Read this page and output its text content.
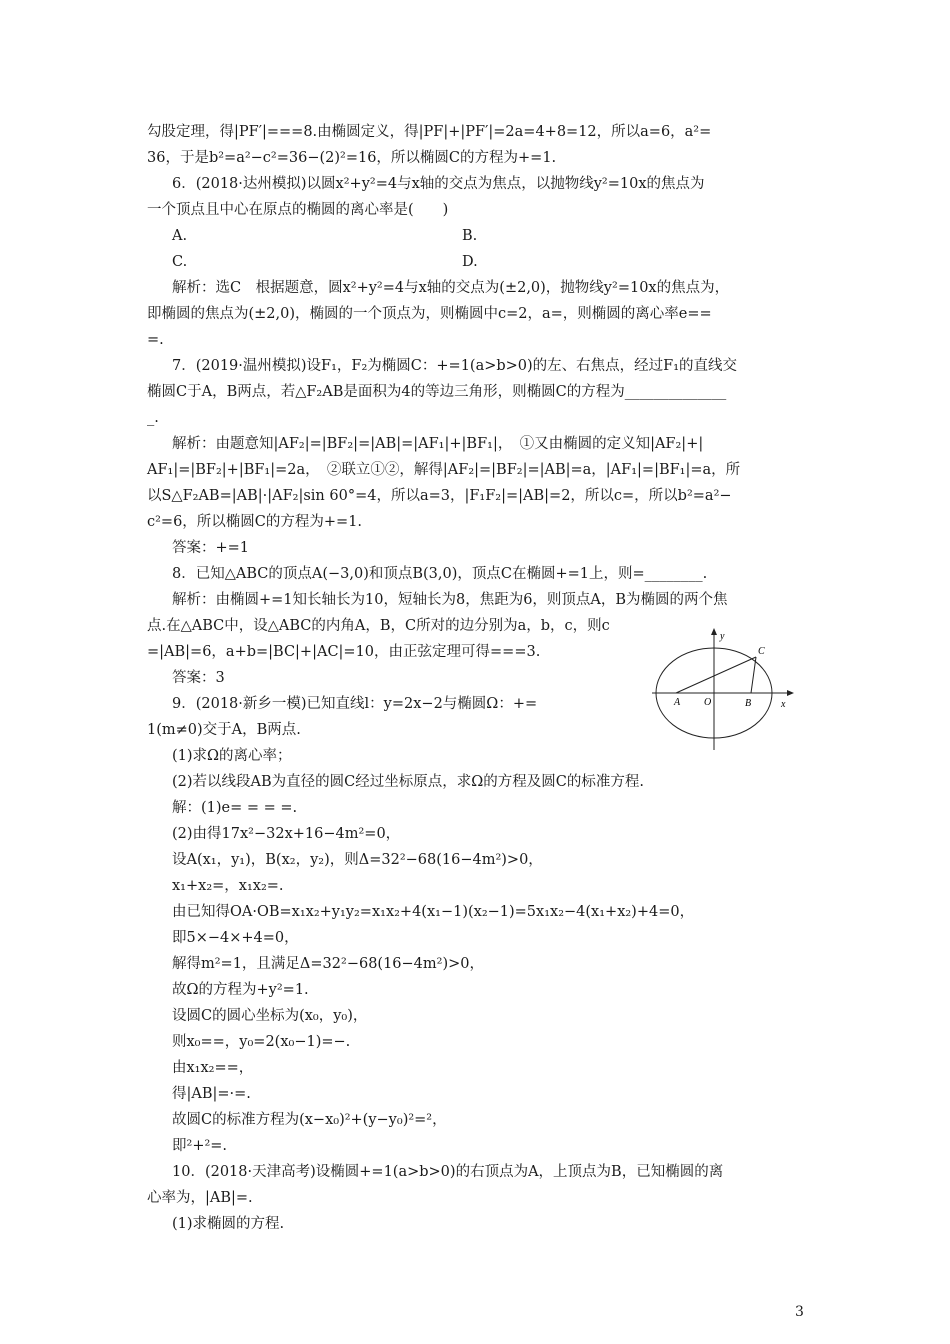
勾股定理，得|PF′|===8.由椭圆定义，得|PF|+|PF′|=2a=4+8=12，所以a=6，a²=
36，于是b²=a²−c²=36−(2)²=16，所以椭圆C的方程为+=1.
6．(2018·达州模拟)以圆x²+y²=4与x轴的交点为焦点，以抛物线y²=10x的焦点为
一个顶点且中心在原点的椭圆的离心率是(　　)
A.	B.
C.	D.
解析：选C　根据题意，圆x²+y²=4与x轴的交点为(±2,0)，抛物线y²=10x的焦点为，
即椭圆的焦点为(±2,0)，椭圆的一个顶点为，则椭圆中c=2，a=，则椭圆的离心率e==
=.
7．(2019·温州模拟)设F₁，F₂为椭圆C：+=1(a>b>0)的左、右焦点，经过F₁的直线交
椭圆C于A，B两点，若△F₂AB是面积为4的等边三角形，则椭圆C的方程为______________
_.
解析：由题意知|AF₂|=|BF₂|=|AB|=|AF₁|+|BF₁|，　①又由椭圆的定义知|AF₂|+|
AF₁|=|BF₂|+|BF₁|=2a，　②联立①②，解得|AF₂|=|BF₂|=|AB|=a，|AF₁|=|BF₁|=a，所
以S△F₂AB=|AB|·|AF₂|sin 60°=4，所以a=3，|F₁F₂|=|AB|=2，所以c=，所以b²=a²−
c²=6，所以椭圆C的方程为+=1.
答案：+=1
8．已知△ABC的顶点A(−3,0)和顶点B(3,0)，顶点C在椭圆+=1上，则=________.
解析：由椭圆+=1知长轴长为10，短轴长为8，焦距为6，则顶点A，B为椭圆的两个焦
点.在△ABC中，设△ABC的内角A，B，C所对的边分别为a，b，c，则c
=|AB|=6，a+b=|BC|+|AC|=10，由正弦定理可得===3.
答案：3
9．(2018·新乡一模)已知直线l：y=2x−2与椭圆Ω：+=
1(m≠0)交于A，B两点.
(1)求Ω的离心率；
(2)若以线段AB为直径的圆C经过坐标原点，求Ω的方程及圆C的标准方程.
解：(1)e= = = =.
(2)由得17x²−32x+16−4m²=0，
设A(x₁，y₁)，B(x₂，y₂)，则Δ=32²−68(16−4m²)>0，
x₁+x₂=，x₁x₂=.
由已知得OA·OB=x₁x₂+y₁y₂=x₁x₂+4(x₁−1)(x₂−1)=5x₁x₂−4(x₁+x₂)+4=0，
即5×−4×+4=0，
解得m²=1，且满足Δ=32²−68(16−4m²)>0，
故Ω的方程为+y²=1.
设圆C的圆心坐标为(x₀，y₀)，
则x₀==，y₀=2(x₀−1)=−.
由x₁x₂==，
得|AB|=·=.
故圆C的标准方程为(x−x₀)²+(y−y₀)²=²，
即²+²=.
10．(2018·天津高考)设椭圆+=1(a>b>0)的右顶点为A，上顶点为B，已知椭圆的离
心率为，|AB|=.
(1)求椭圆的方程.
y
x
O
A	B
C
3
